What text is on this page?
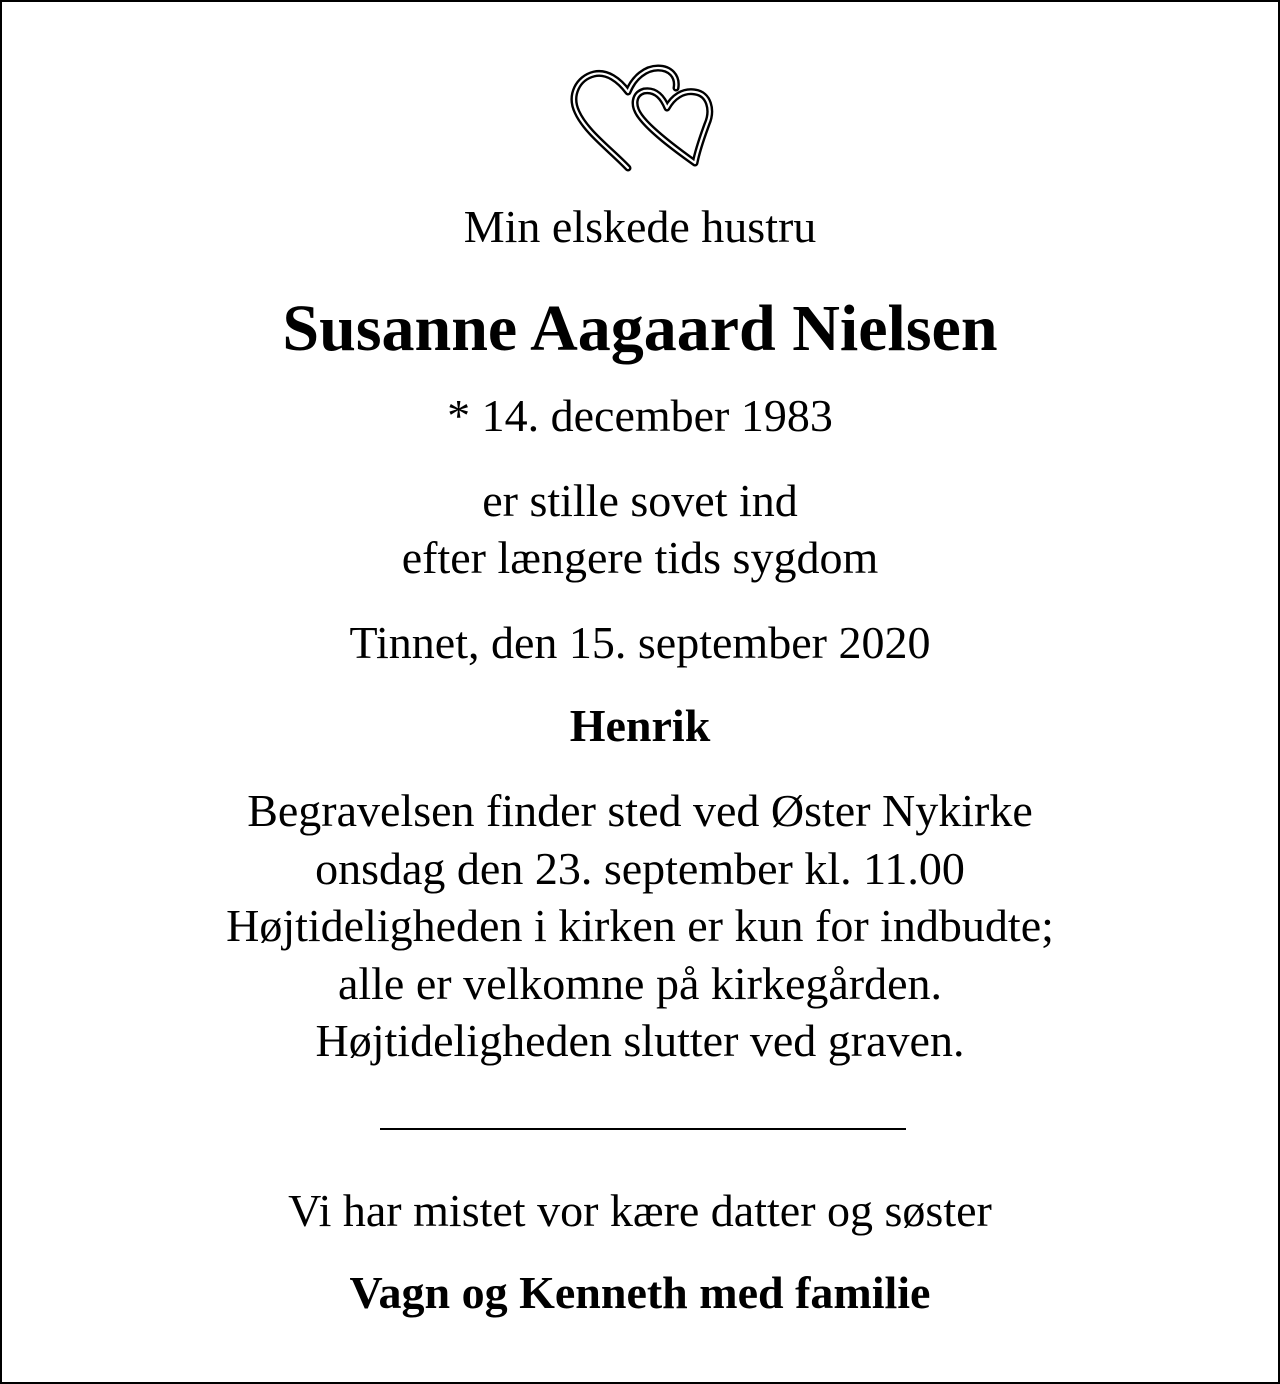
Min elskede hustru
Susanne Aagaard Nielsen
* 14. december 1983
er stille sovet ind
efter længere tids sygdom
Tinnet, den 15. september 2020
Henrik
Begravelsen finder sted ved Øster Nykirke
onsdag den 23. september kl. 11.00
Højtideligheden i kirken er kun for indbudte;
alle er velkomne på kirkegården.
Højtideligheden slutter ved graven.
Vi har mistet vor kære datter og søster
Vagn og Kenneth med familie
